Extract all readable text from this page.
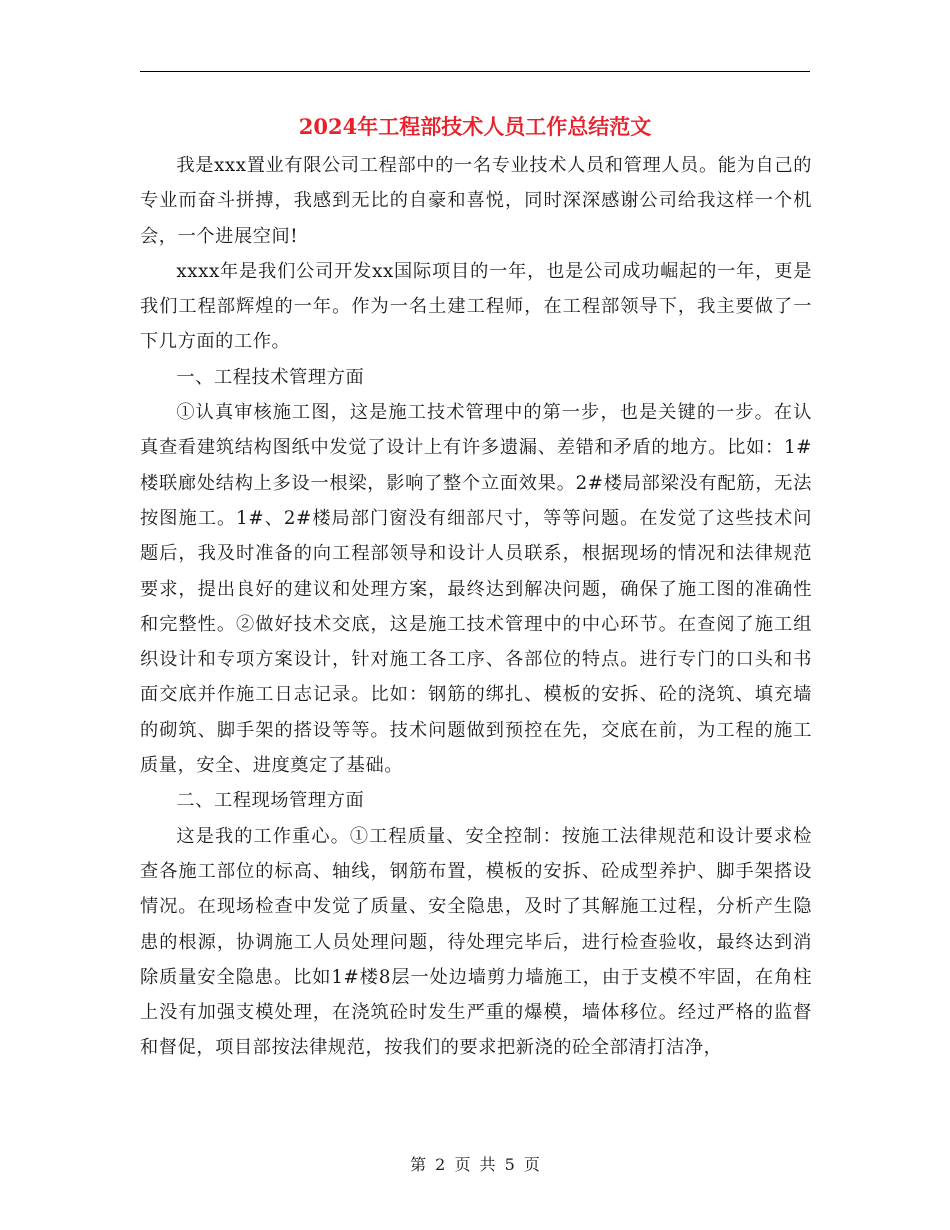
2024年工程部技术人员工作总结范文

我是xxx置业有限公司工程部中的一名专业技术人员和管理人员。能为自己的专业而奋斗拼搏，我感到无比的自豪和喜悦，同时深深感谢公司给我这样一个机会，一个进展空间!

xxxx年是我们公司开发xx国际项目的一年，也是公司成功崛起的一年，更是我们工程部辉煌的一年。作为一名土建工程师，在工程部领导下，我主要做了一下几方面的工作。

一、工程技术管理方面

①认真审核施工图，这是施工技术管理中的第一步，也是关键的一步。在认真查看建筑结构图纸中发觉了设计上有许多遗漏、差错和矛盾的地方。比如：1#楼联廊处结构上多设一根梁，影响了整个立面效果。2#楼局部梁没有配筋，无法按图施工。1#、2#楼局部门窗没有细部尺寸，等等问题。在发觉了这些技术问题后，我及时准备的向工程部领导和设计人员联系，根据现场的情况和法律规范要求，提出良好的建议和处理方案，最终达到解决问题，确保了施工图的准确性和完整性。②做好技术交底，这是施工技术管理中的中心环节。在查阅了施工组织设计和专项方案设计，针对施工各工序、各部位的特点。进行专门的口头和书面交底并作施工日志记录。比如：钢筋的绑扎、模板的安拆、砼的浇筑、填充墙的砌筑、脚手架的搭设等等。技术问题做到预控在先，交底在前，为工程的施工质量，安全、进度奠定了基础。

二、工程现场管理方面

这是我的工作重心。①工程质量、安全控制：按施工法律规范和设计要求检查各施工部位的标高、轴线，钢筋布置，模板的安拆、砼成型养护、脚手架搭设情况。在现场检查中发觉了质量、安全隐患，及时了其解施工过程，分析产生隐患的根源，协调施工人员处理问题，待处理完毕后，进行检查验收，最终达到消除质量安全隐患。比如1#楼8层一处边墙剪力墙施工，由于支模不牢固，在角柱上没有加强支模处理，在浇筑砼时发生严重的爆模，墙体移位。经过严格的监督和督促，项目部按法律规范，按我们的要求把新浇的砼全部清打洁净，

第 2 页 共 5 页
